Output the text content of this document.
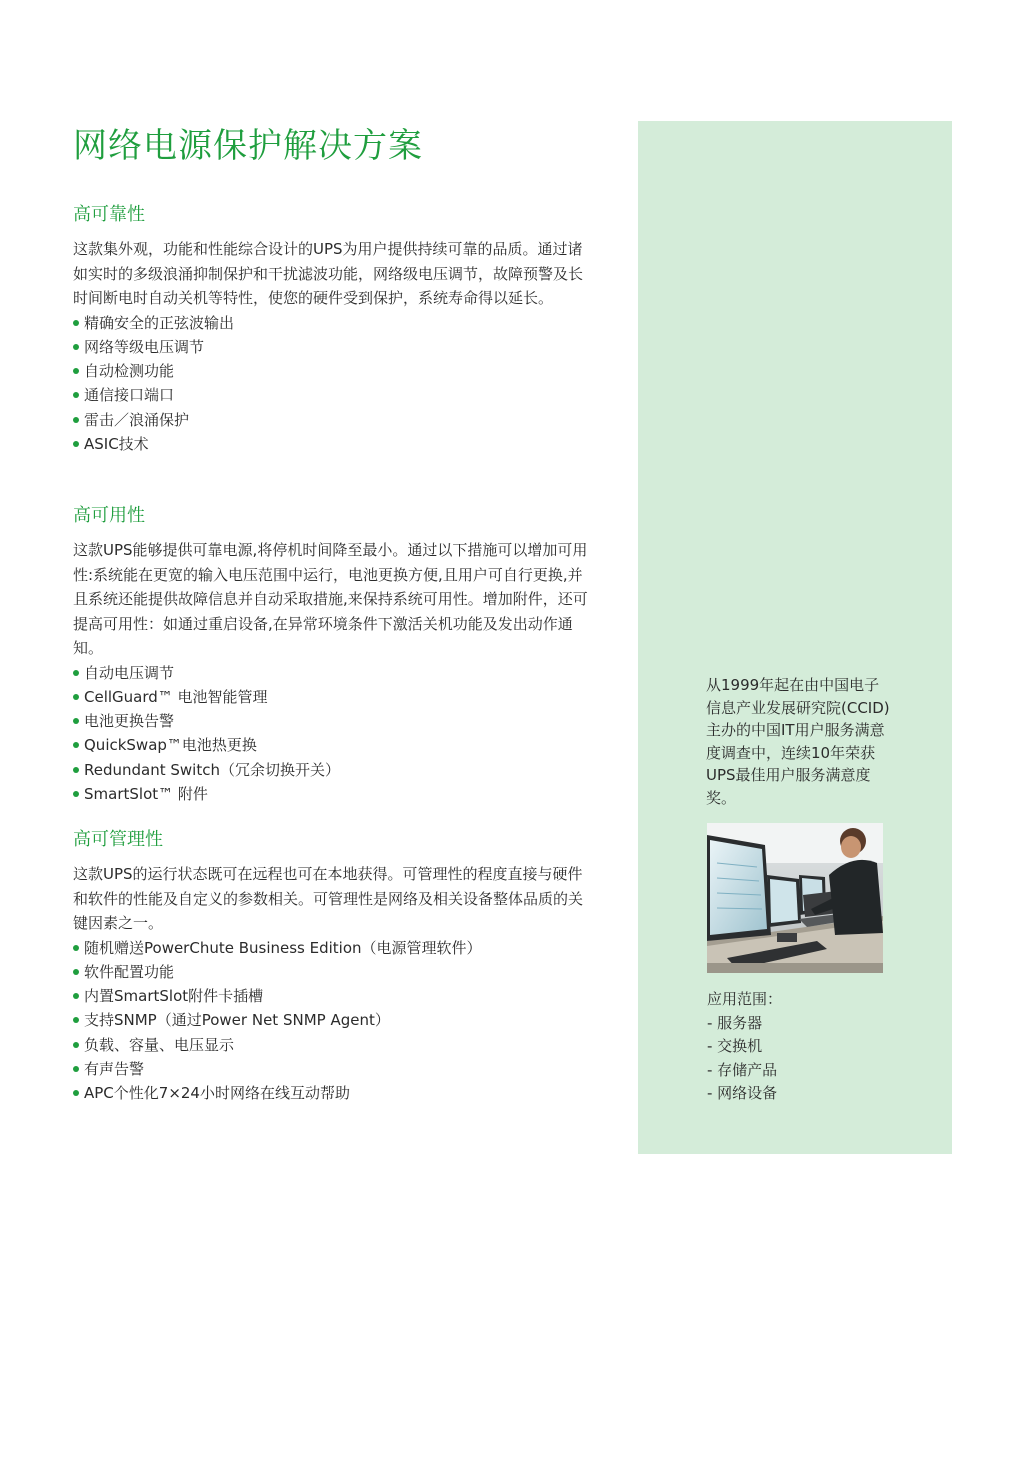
网络电源保护解决方案
高可靠性

这款集外观，功能和性能综合设计的UPS为用户提供持续可靠的品质。通过诸如实时的多级浪涌抑制保护和干扰滤波功能，网络级电压调节，故障预警及长时间断电时自动关机等特性，使您的硬件受到保护，系统寿命得以延长。

精确安全的正弦波输出
网络等级电压调节
自动检测功能
通信接口端口
雷击／浪涌保护
ASIC技术
高可用性

这款UPS能够提供可靠电源,将停机时间降至最小。通过以下措施可以增加可用性:系统能在更宽的输入电压范围中运行，电池更换方便,且用户可自行更换,并且系统还能提供故障信息并自动采取措施,来保持系统可用性。增加附件，还可提高可用性：如通过重启设备,在异常环境条件下激活关机功能及发出动作通知。

自动电压调节
CellGuard™ 电池智能管理
电池更换告警
QuickSwap™电池热更换
Redundant Switch（冗余切换开关）
SmartSlot™ 附件
高可管理性

这款UPS的运行状态既可在远程也可在本地获得。可管理性的程度直接与硬件和软件的性能及自定义的参数相关。可管理性是网络及相关设备整体品质的关键因素之一。

随机赠送PowerChute Business Edition（电源管理软件）
软件配置功能
内置SmartSlot附件卡插槽
支持SNMP（通过Power Net SNMP Agent）
负载、容量、电压显示
有声告警
APC个性化7×24小时网络在线互动帮助

从1999年起在由中国电子信息产业发展研究院(CCID)主办的中国IT用户服务满意度调查中，连续10年荣获UPS最佳用户服务满意度奖。

应用范围：
- 服务器
- 交换机
- 存储产品
- 网络设备
